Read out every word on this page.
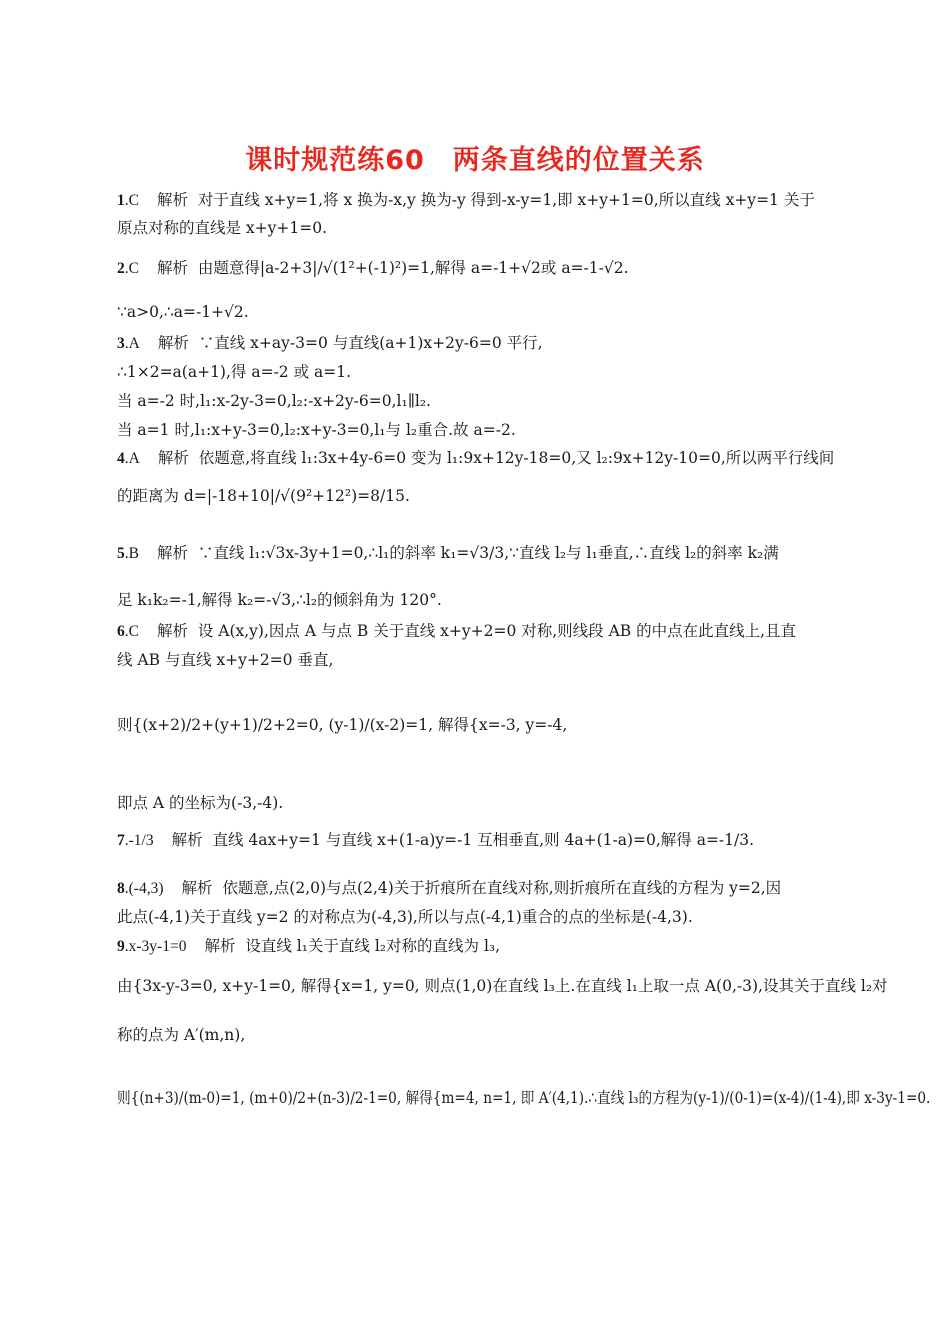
课时规范练60　两条直线的位置关系
1.C 解析 对于直线 x+y=1,将 x 换为-x,y 换为-y 得到-x-y=1,即 x+y+1=0,所以直线 x+y=1 关于
原点对称的直线是 x+y+1=0.
2.C 解析 由题意得|a-2+3|/√(1²+(-1)²)=1,解得 a=-1+√2或 a=-1-√2.
∵a>0,∴a=-1+√2.
3.A 解析 ∵直线 x+ay-3=0 与直线(a+1)x+2y-6=0 平行,
∴1×2=a(a+1),得 a=-2 或 a=1.
当 a=-2 时,l₁:x-2y-3=0,l₂:-x+2y-6=0,l₁∥l₂.
当 a=1 时,l₁:x+y-3=0,l₂:x+y-3=0,l₁与 l₂重合.故 a=-2.
4.A 解析 依题意,将直线 l₁:3x+4y-6=0 变为 l₁:9x+12y-18=0,又 l₂:9x+12y-10=0,所以两平行线间
的距离为 d=|-18+10|/√(9²+12²)=8/15.
5.B 解析 ∵直线 l₁:√3x-3y+1=0,∴l₁的斜率 k₁=√3/3,∵直线 l₂与 l₁垂直,∴直线 l₂的斜率 k₂满
足 k₁k₂=-1,解得 k₂=-√3,∴l₂的倾斜角为 120°.
6.C 解析 设 A(x,y),因点 A 与点 B 关于直线 x+y+2=0 对称,则线段 AB 的中点在此直线上,且直
线 AB 与直线 x+y+2=0 垂直,
则{(x+2)/2+(y+1)/2+2=0, (y-1)/(x-2)=1, 解得{x=-3, y=-4,
即点 A 的坐标为(-3,-4).
7.-1/3 解析 直线 4ax+y=1 与直线 x+(1-a)y=-1 互相垂直,则 4a+(1-a)=0,解得 a=-1/3.
8.(-4,3) 解析 依题意,点(2,0)与点(2,4)关于折痕所在直线对称,则折痕所在直线的方程为 y=2,因
此点(-4,1)关于直线 y=2 的对称点为(-4,3),所以与点(-4,1)重合的点的坐标是(-4,3).
9.x-3y-1=0 解析 设直线 l₁关于直线 l₂对称的直线为 l₃,
由{3x-y-3=0, x+y-1=0, 解得{x=1, y=0, 则点(1,0)在直线 l₃上.在直线 l₁上取一点 A(0,-3),设其关于直线 l₂对
称的点为 A′(m,n),
则{(n+3)/(m-0)=1, (m+0)/2+(n-3)/2-1=0, 解得{m=4, n=1, 即 A′(4,1).∴直线 l₃的方程为(y-1)/(0-1)=(x-4)/(1-4),即 x-3y-1=0.
